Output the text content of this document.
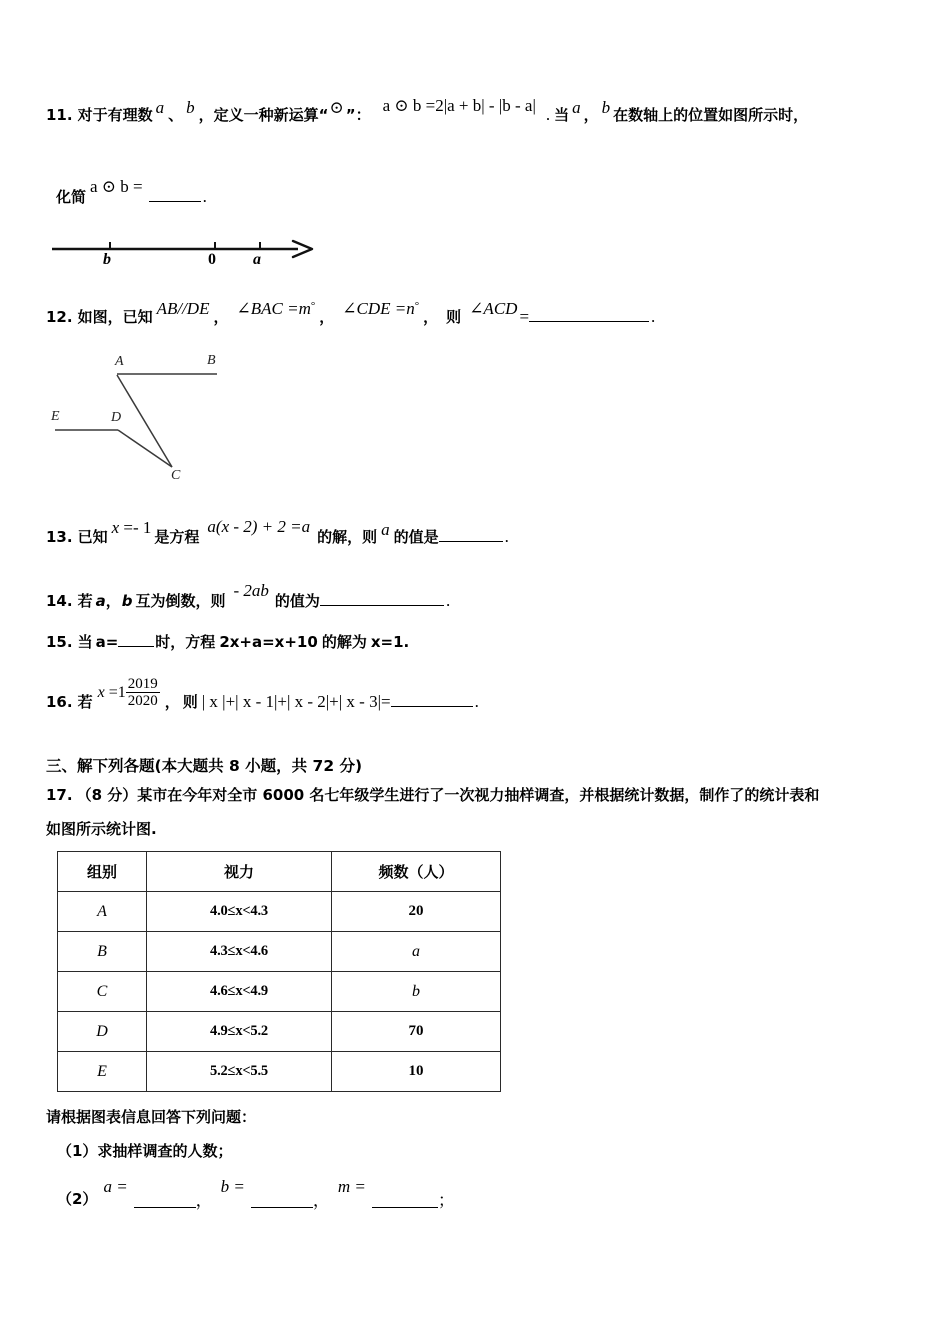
11. 对于有理数 a 、 b ，定义一种新运算 “ ⊙ ” ： a ⊙ b =2|a + b| - |b - a| . 当 a ， b 在数轴上的位置如图所示时，
化简
a ⊙ b =
.
b	0 a
12. 如图，已知 AB//DE ， ∠BAC =m°
， ∠CDE =n°
， 则 ∠ACD =	.
A	B
C
D
E
13. 已知 x =- 1 是方程
a(x - 2) + 2 =a
的解，则 a 的值是	.
14. 若 a ， b 互为倒数，则
- 2ab
的值为	.
15. 当 a= 时，方程 2x+a=x+10 的解为 x=1.
16. 若
$x =1 \frac{2019}{2020}$ ， 则 | x |+| x - 1|+| x - 2|+| x - 3|=	.
三、解下列各题(本大题共 8 小题，共 72 分)
17. （8 分）某市在今年对全市 6000 名七年级学生进行了一次视力抽样调查，并根据统计数据，制作了的统计表和
如图所示统计图.
组别	视力	频数（人）
A	4.0≤x<4.3	20
B	4.3≤x<4.6	a
C	4.6≤x<4.9	b
D	4.9≤x<5.2	70
E	5.2≤x<5.5	10
请根据图表信息回答下列问题：
（1）求抽样调查的人数；
（2）
a =
，
b =
，
m =
；
